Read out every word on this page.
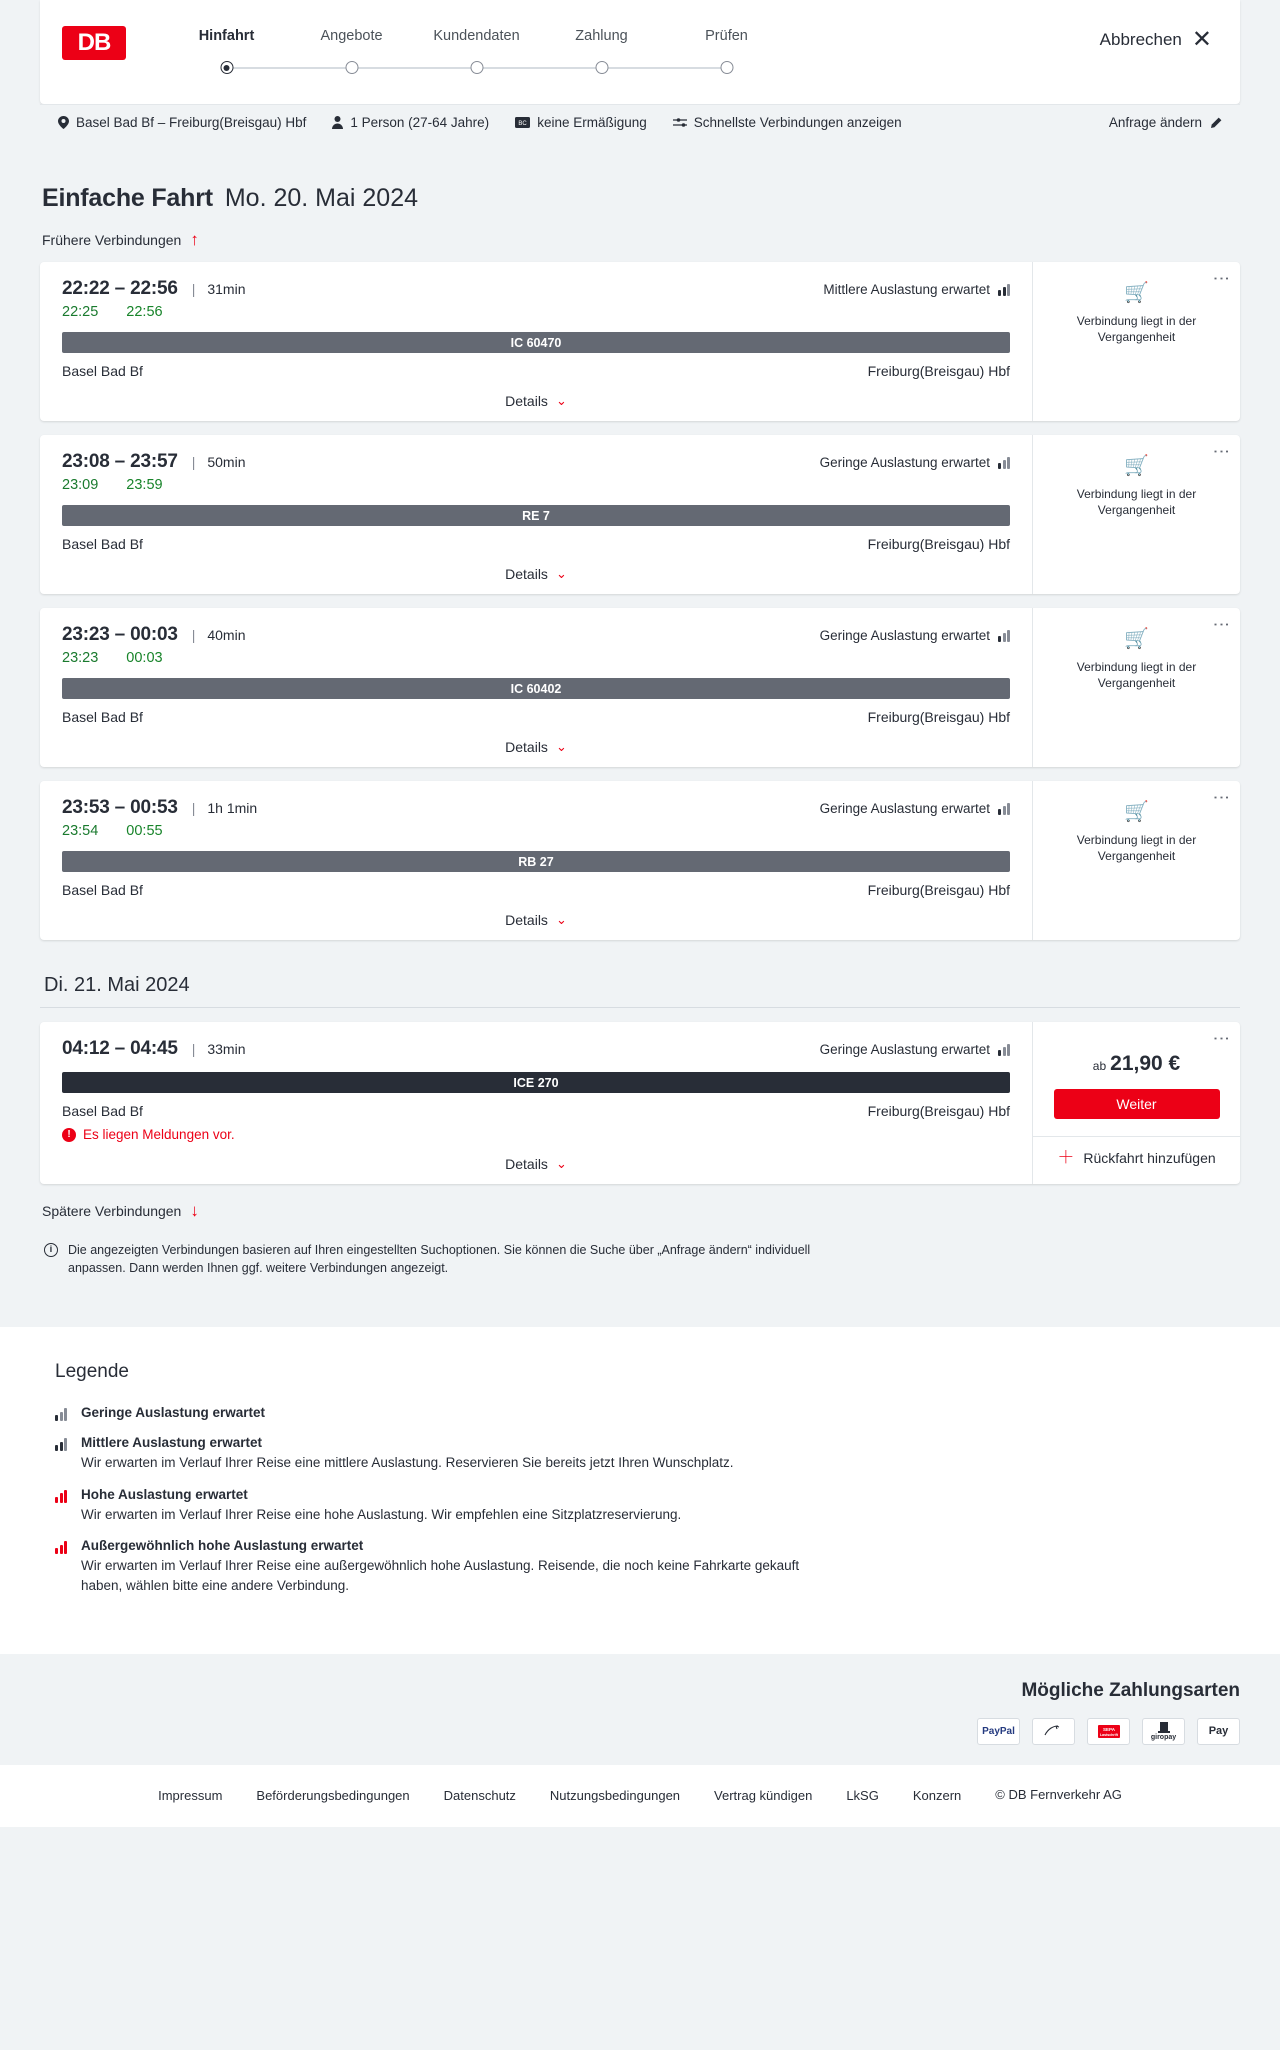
DB	Hinfahrt	Angebote	Kundendaten	Zahlung	Prüfen	Abbrechen ✕
Basel Bad Bf – Freiburg(Breisgau) Hbf	1 Person (27-64 Jahre)	BC keine Ermäßigung	Schnellste Verbindungen anzeigen	Anfrage ändern
Einfache Fahrt Mo. 20. Mai 2024
Frühere Verbindungen ↑
22:22 – 22:56 | 31min	Mittlere Auslastung erwartet
22:25 22:56
IC 60470
Basel Bad Bf	Freiburg(Breisgau) Hbf
Details ⌄
⋮
🛒
Verbindung liegt in der Vergangenheit
23:08 – 23:57 | 50min	Geringe Auslastung erwartet
23:09 23:59
RE 7
Basel Bad Bf	Freiburg(Breisgau) Hbf
Details ⌄
⋮
🛒
Verbindung liegt in der Vergangenheit
23:23 – 00:03 | 40min	Geringe Auslastung erwartet
23:23 00:03
IC 60402
Basel Bad Bf	Freiburg(Breisgau) Hbf
Details ⌄
⋮
🛒
Verbindung liegt in der Vergangenheit
23:53 – 00:53 | 1h 1min	Geringe Auslastung erwartet
23:54 00:55
RB 27
Basel Bad Bf	Freiburg(Breisgau) Hbf
Details ⌄
⋮
🛒
Verbindung liegt in der Vergangenheit
Di. 21. Mai 2024
04:12 – 04:45 | 33min	Geringe Auslastung erwartet
ICE 270
Basel Bad Bf	Freiburg(Breisgau) Hbf
! Es liegen Meldungen vor.
Details ⌄
⋮
ab 21,90 €
Weiter
＋ Rückfahrt hinzufügen
Spätere Verbindungen ↓
i	Die angezeigten Verbindungen basieren auf Ihren eingestellten Suchoptionen. Sie können die Suche über „Anfrage ändern“ individuell anpassen. Dann werden Ihnen ggf. weitere Verbindungen angezeigt.
Legende
Geringe Auslastung erwartet
Mittlere Auslastung erwartet
Wir erwarten im Verlauf Ihrer Reise eine mittlere Auslastung. Reservieren Sie bereits jetzt Ihren Wunschplatz.
Hohe Auslastung erwartet
Wir erwarten im Verlauf Ihrer Reise eine hohe Auslastung. Wir empfehlen eine Sitzplatzreservierung.
Außergewöhnlich hohe Auslastung erwartet
Wir erwarten im Verlauf Ihrer Reise eine außergewöhnlich hohe Auslastung. Reisende, die noch keine Fahrkarte gekauft haben, wählen bitte eine andere Verbindung.
Mögliche Zahlungsarten
PayPal	SEPA
Lastschrift	giropay
Pay
Impressum	Beförderungsbedingungen	Datenschutz	Nutzungsbedingungen	Vertrag kündigen	LkSG	Konzern	© DB Fernverkehr AG
